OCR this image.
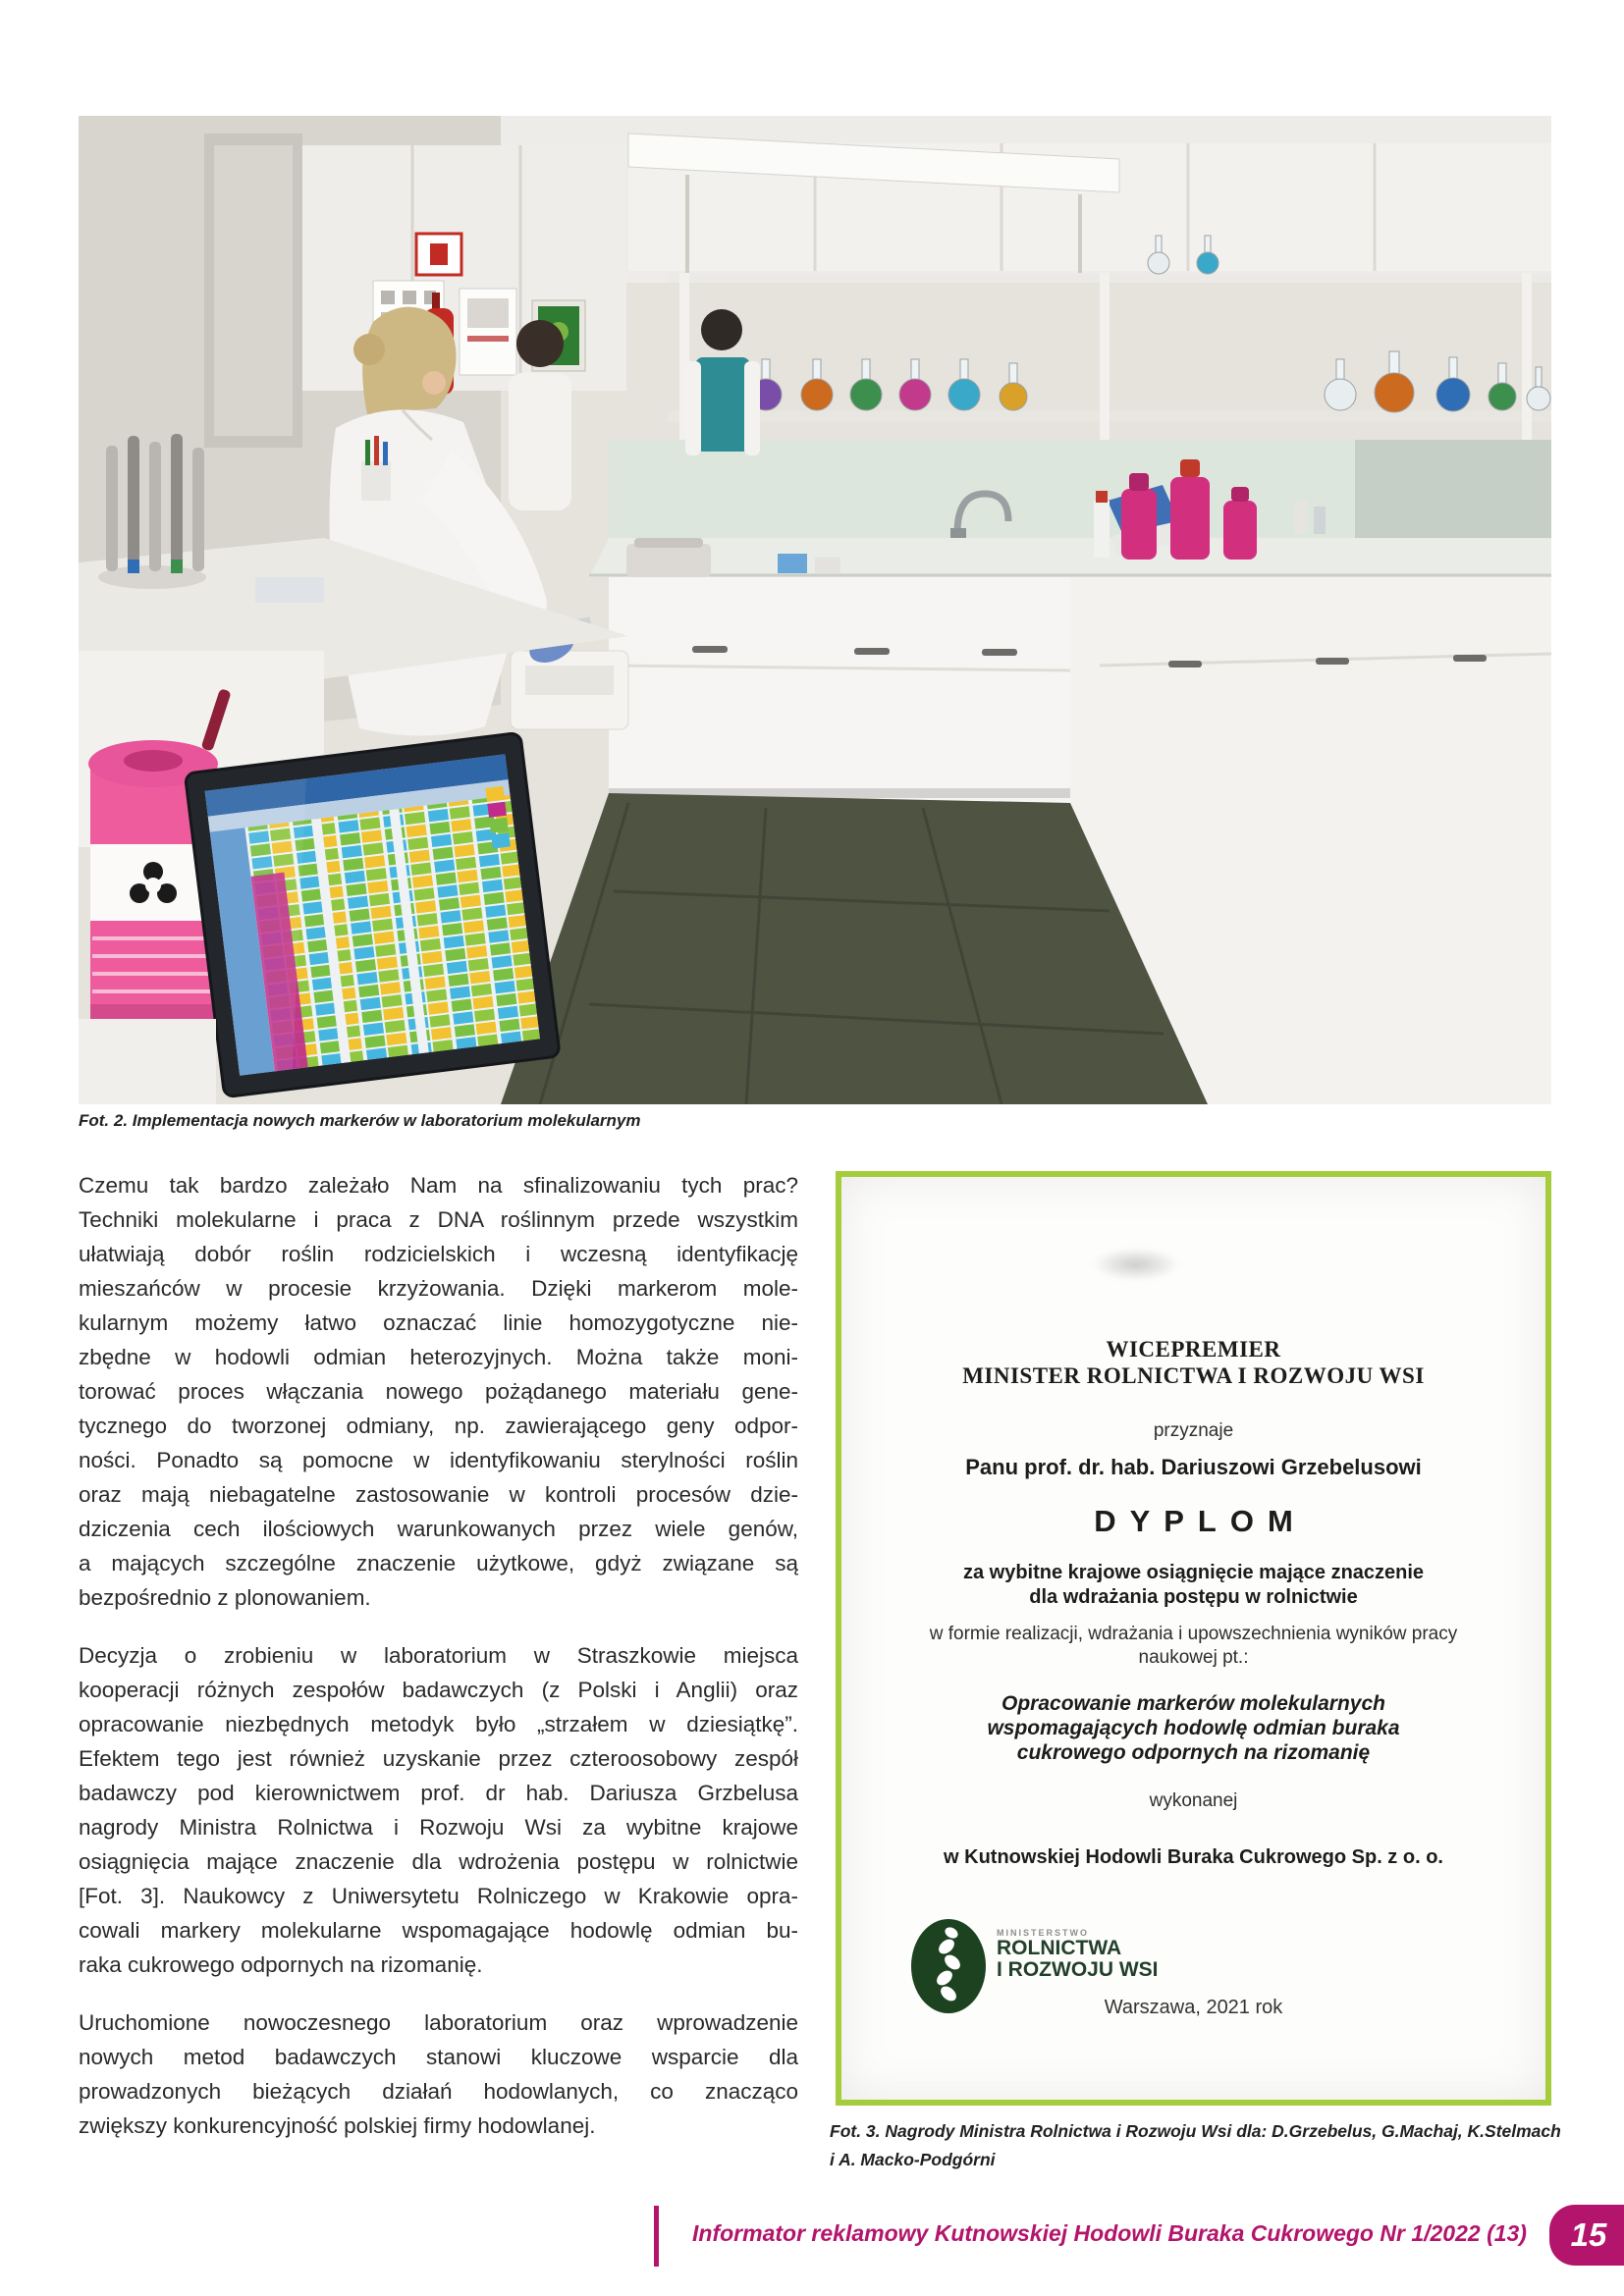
Fot. 2. Implementacja nowych markerów w laboratorium molekularnym
Czemu tak bardzo zależało Nam na sfinalizowaniu tych prac?
Techniki molekularne i praca z DNA roślinnym przede wszystkim
ułatwiają dobór roślin rodzicielskich i wczesną identyfikację
mieszańców w procesie krzyżowania. Dzięki markerom mole-
kularnym możemy łatwo oznaczać linie homozygotyczne nie-
zbędne w hodowli odmian heterozyjnych. Można także moni-
torować proces włączania nowego pożądanego materiału gene-
tycznego do tworzonej odmiany, np. zawierającego geny odpor-
ności. Ponadto są pomocne w identyfikowaniu sterylności roślin
oraz mają niebagatelne zastosowanie w kontroli procesów dzie-
dziczenia cech ilościowych warunkowanych przez wiele genów,
a mających szczególne znaczenie użytkowe, gdyż związane są
bezpośrednio z plonowaniem.
Decyzja o zrobieniu w laboratorium w Straszkowie miejsca
kooperacji różnych zespołów badawczych (z Polski i Anglii) oraz
opracowanie niezbędnych metodyk było „strzałem w dziesiątkę”.
Efektem tego jest również uzyskanie przez czteroosobowy zespół
badawczy pod kierownictwem prof. dr hab. Dariusza Grzbelusa
nagrody Ministra Rolnictwa i Rozwoju Wsi za wybitne krajowe
osiągnięcia mające znaczenie dla wdrożenia postępu w rolnictwie
[Fot. 3]. Naukowcy z Uniwersytetu Rolniczego w Krakowie opra-
cowali markery molekularne wspomagające hodowlę odmian bu-
raka cukrowego odpornych na rizomanię.
Uruchomione nowoczesnego laboratorium oraz wprowadzenie
nowych metod badawczych stanowi kluczowe wsparcie dla
prowadzonych bieżących działań hodowlanych, co znacząco
zwiększy konkurencyjność polskiej firmy hodowlanej.
WICEPREMIER
MINISTER ROLNICTWA I ROZWOJU WSI
przyznaje
Panu prof. dr. hab. Dariuszowi Grzebelusowi
DYPLOM
za wybitne krajowe osiągnięcie mające znaczenie
dla wdrażania postępu w rolnictwie
w formie realizacji, wdrażania i upowszechnienia wyników pracy
naukowej pt.:
Opracowanie markerów molekularnych
wspomagających hodowlę odmian buraka
cukrowego odpornych na rizomanię
wykonanej
w Kutnowskiej Hodowli Buraka Cukrowego Sp. z o. o.
MINISTERSTWO
ROLNICTWA
I ROZWOJU WSI
Warszawa, 2021 rok
Fot. 3. Nagrody Ministra Rolnictwa i Rozwoju Wsi dla: D.Grzebelus, G.Machaj, K.Stelmach
i A. Macko-Podgórni
Informator reklamowy Kutnowskiej Hodowli Buraka Cukrowego Nr 1/2022 (13)	15
